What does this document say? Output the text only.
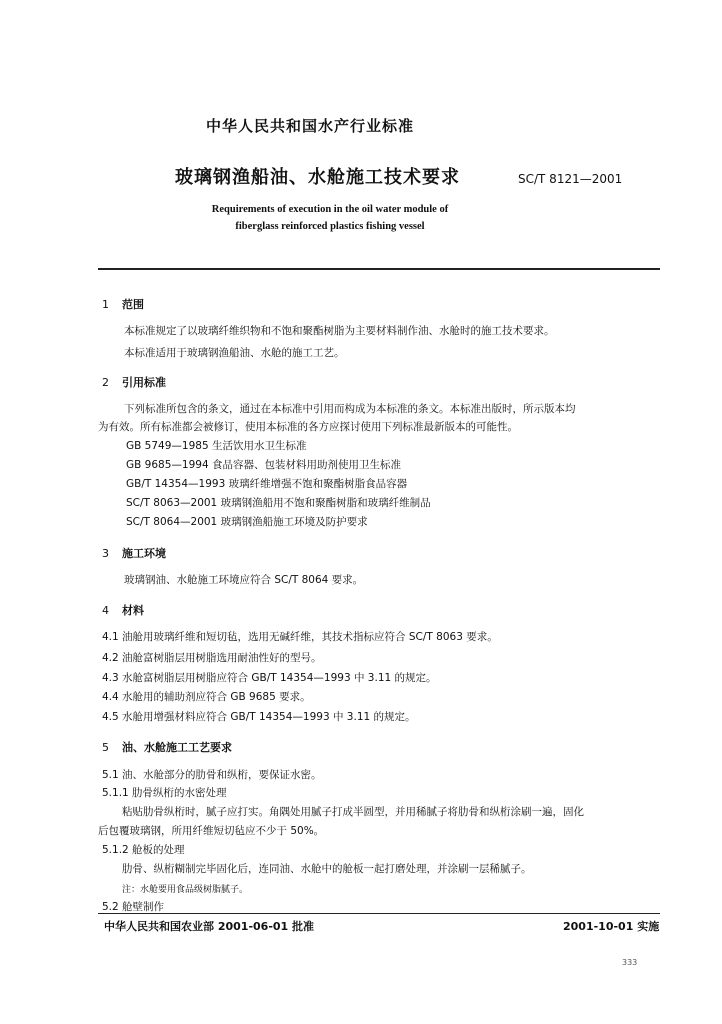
中华人民共和国水产行业标准
玻璃钢渔船油、水舱施工技术要求	SC/T 8121—2001
Requirements of execution in the oil water module of
fiberglass reinforced plastics fishing vessel
1 范围
本标准规定了以玻璃纤维织物和不饱和聚酯树脂为主要材料制作油、水舱时的施工技术要求。
本标准适用于玻璃钢渔船油、水舱的施工工艺。
2 引用标准
下列标准所包含的条文，通过在本标准中引用而构成为本标准的条文。本标准出版时，所示版本均
为有效。所有标准都会被修订，使用本标准的各方应探讨使用下列标准最新版本的可能性。
GB 5749—1985 生活饮用水卫生标准
GB 9685—1994 食品容器、包装材料用助剂使用卫生标准
GB/T 14354—1993 玻璃纤维增强不饱和聚酯树脂食品容器
SC/T 8063—2001 玻璃钢渔船用不饱和聚酯树脂和玻璃纤维制品
SC/T 8064—2001 玻璃钢渔船施工环境及防护要求
3 施工环境
玻璃钢油、水舱施工环境应符合 SC/T 8064 要求。
4 材料
4.1 油舱用玻璃纤维和短切毡，选用无碱纤维，其技术指标应符合 SC/T 8063 要求。
4.2 油舱富树脂层用树脂选用耐油性好的型号。
4.3 水舱富树脂层用树脂应符合 GB/T 14354—1993 中 3.11 的规定。
4.4 水舱用的辅助剂应符合 GB 9685 要求。
4.5 水舱用增强材料应符合 GB/T 14354—1993 中 3.11 的规定。
5 油、水舱施工工艺要求
5.1 油、水舱部分的肋骨和纵桁，要保证水密。
5.1.1 肋骨纵桁的水密处理
粘贴肋骨纵桁时，腻子应打实。角隅处用腻子打成半圆型，并用稀腻子将肋骨和纵桁涂刷一遍，固化
后包覆玻璃钢，所用纤维短切毡应不少于 50%。
5.1.2 舱板的处理
肋骨、纵桁糊制完毕固化后，连同油、水舱中的舱板一起打磨处理，并涂刷一层稀腻子。
注：水舱要用食品级树脂腻子。
5.2 舱壁制作
中华人民共和国农业部 2001-06-01 批准	2001-10-01 实施
333
